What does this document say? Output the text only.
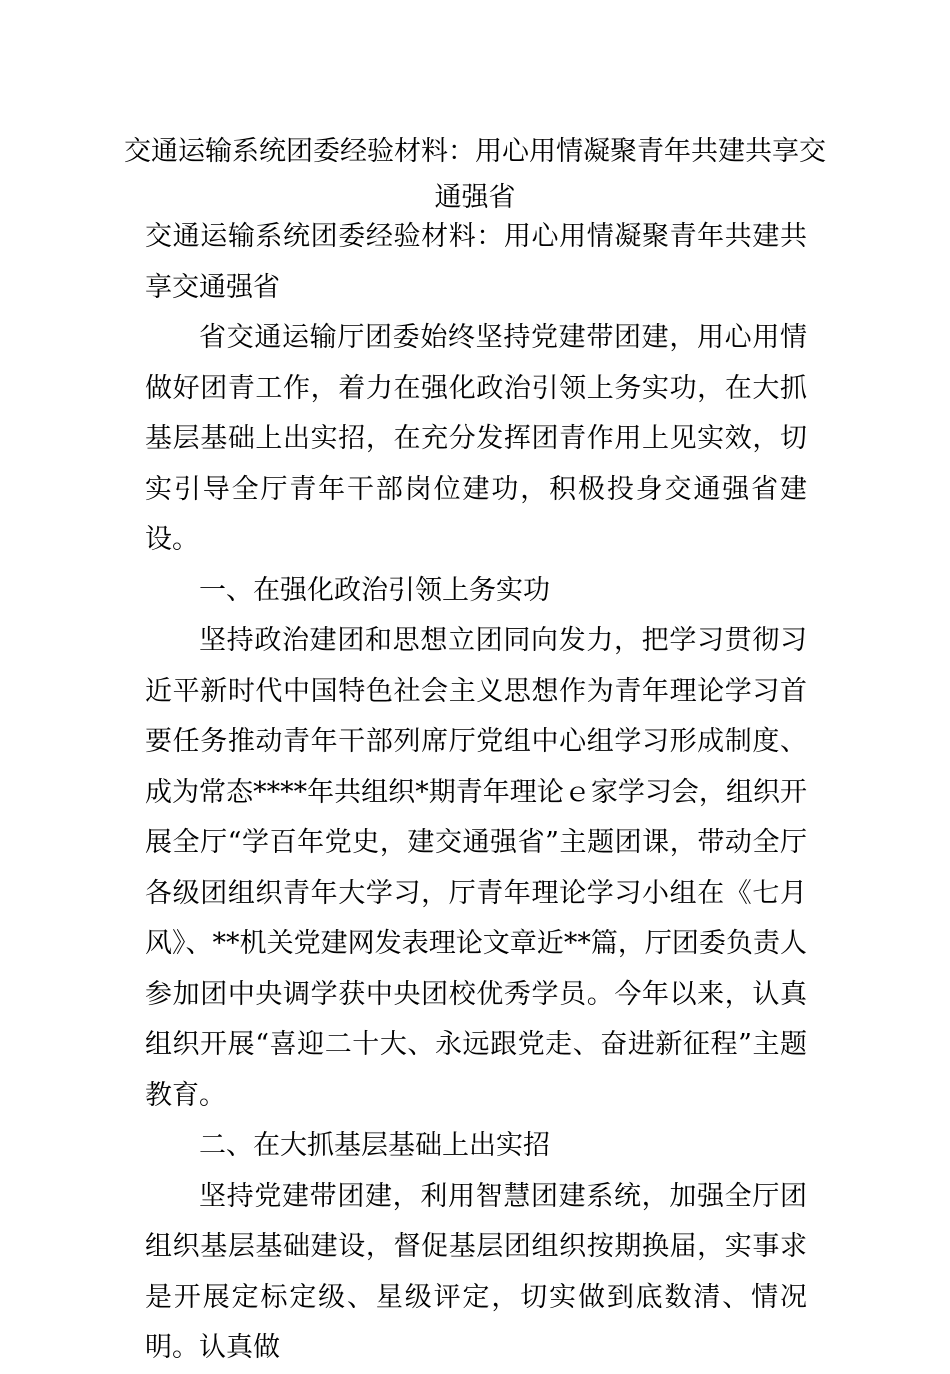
交通运输系统团委经验材料：用心用情凝聚青年共建共享交通强省

交通运输系统团委经验材料：用心用情凝聚青年共建共享交通强省

省交通运输厅团委始终坚持党建带团建，用心用情做好团青工作，着力在强化政治引领上务实功，在大抓基层基础上出实招，在充分发挥团青作用上见实效，切实引导全厅青年干部岗位建功，积极投身交通强省建设。

一、在强化政治引领上务实功

坚持政治建团和思想立团同向发力，把学习贯彻习近平新时代中国特色社会主义思想作为青年理论学习首要任务推动青年干部列席厅党组中心组学习形成制度、成为常态****年共组织*期青年理论ｅ家学习会，组织开展全厅“学百年党史，建交通强省”主题团课，带动全厅各级团组织青年大学习，厅青年理论学习小组在《七月风》、**机关党建网发表理论文章近**篇，厅团委负责人参加团中央调学获中央团校优秀学员。今年以来，认真组织开展“喜迎二十大、永远跟党走、奋进新征程”主题教育。

二、在大抓基层基础上出实招

坚持党建带团建，利用智慧团建系统，加强全厅团组织基层基础建设，督促基层团组织按期换届，实事求是开展定标定级、星级评定，切实做到底数清、情况明。认真做
